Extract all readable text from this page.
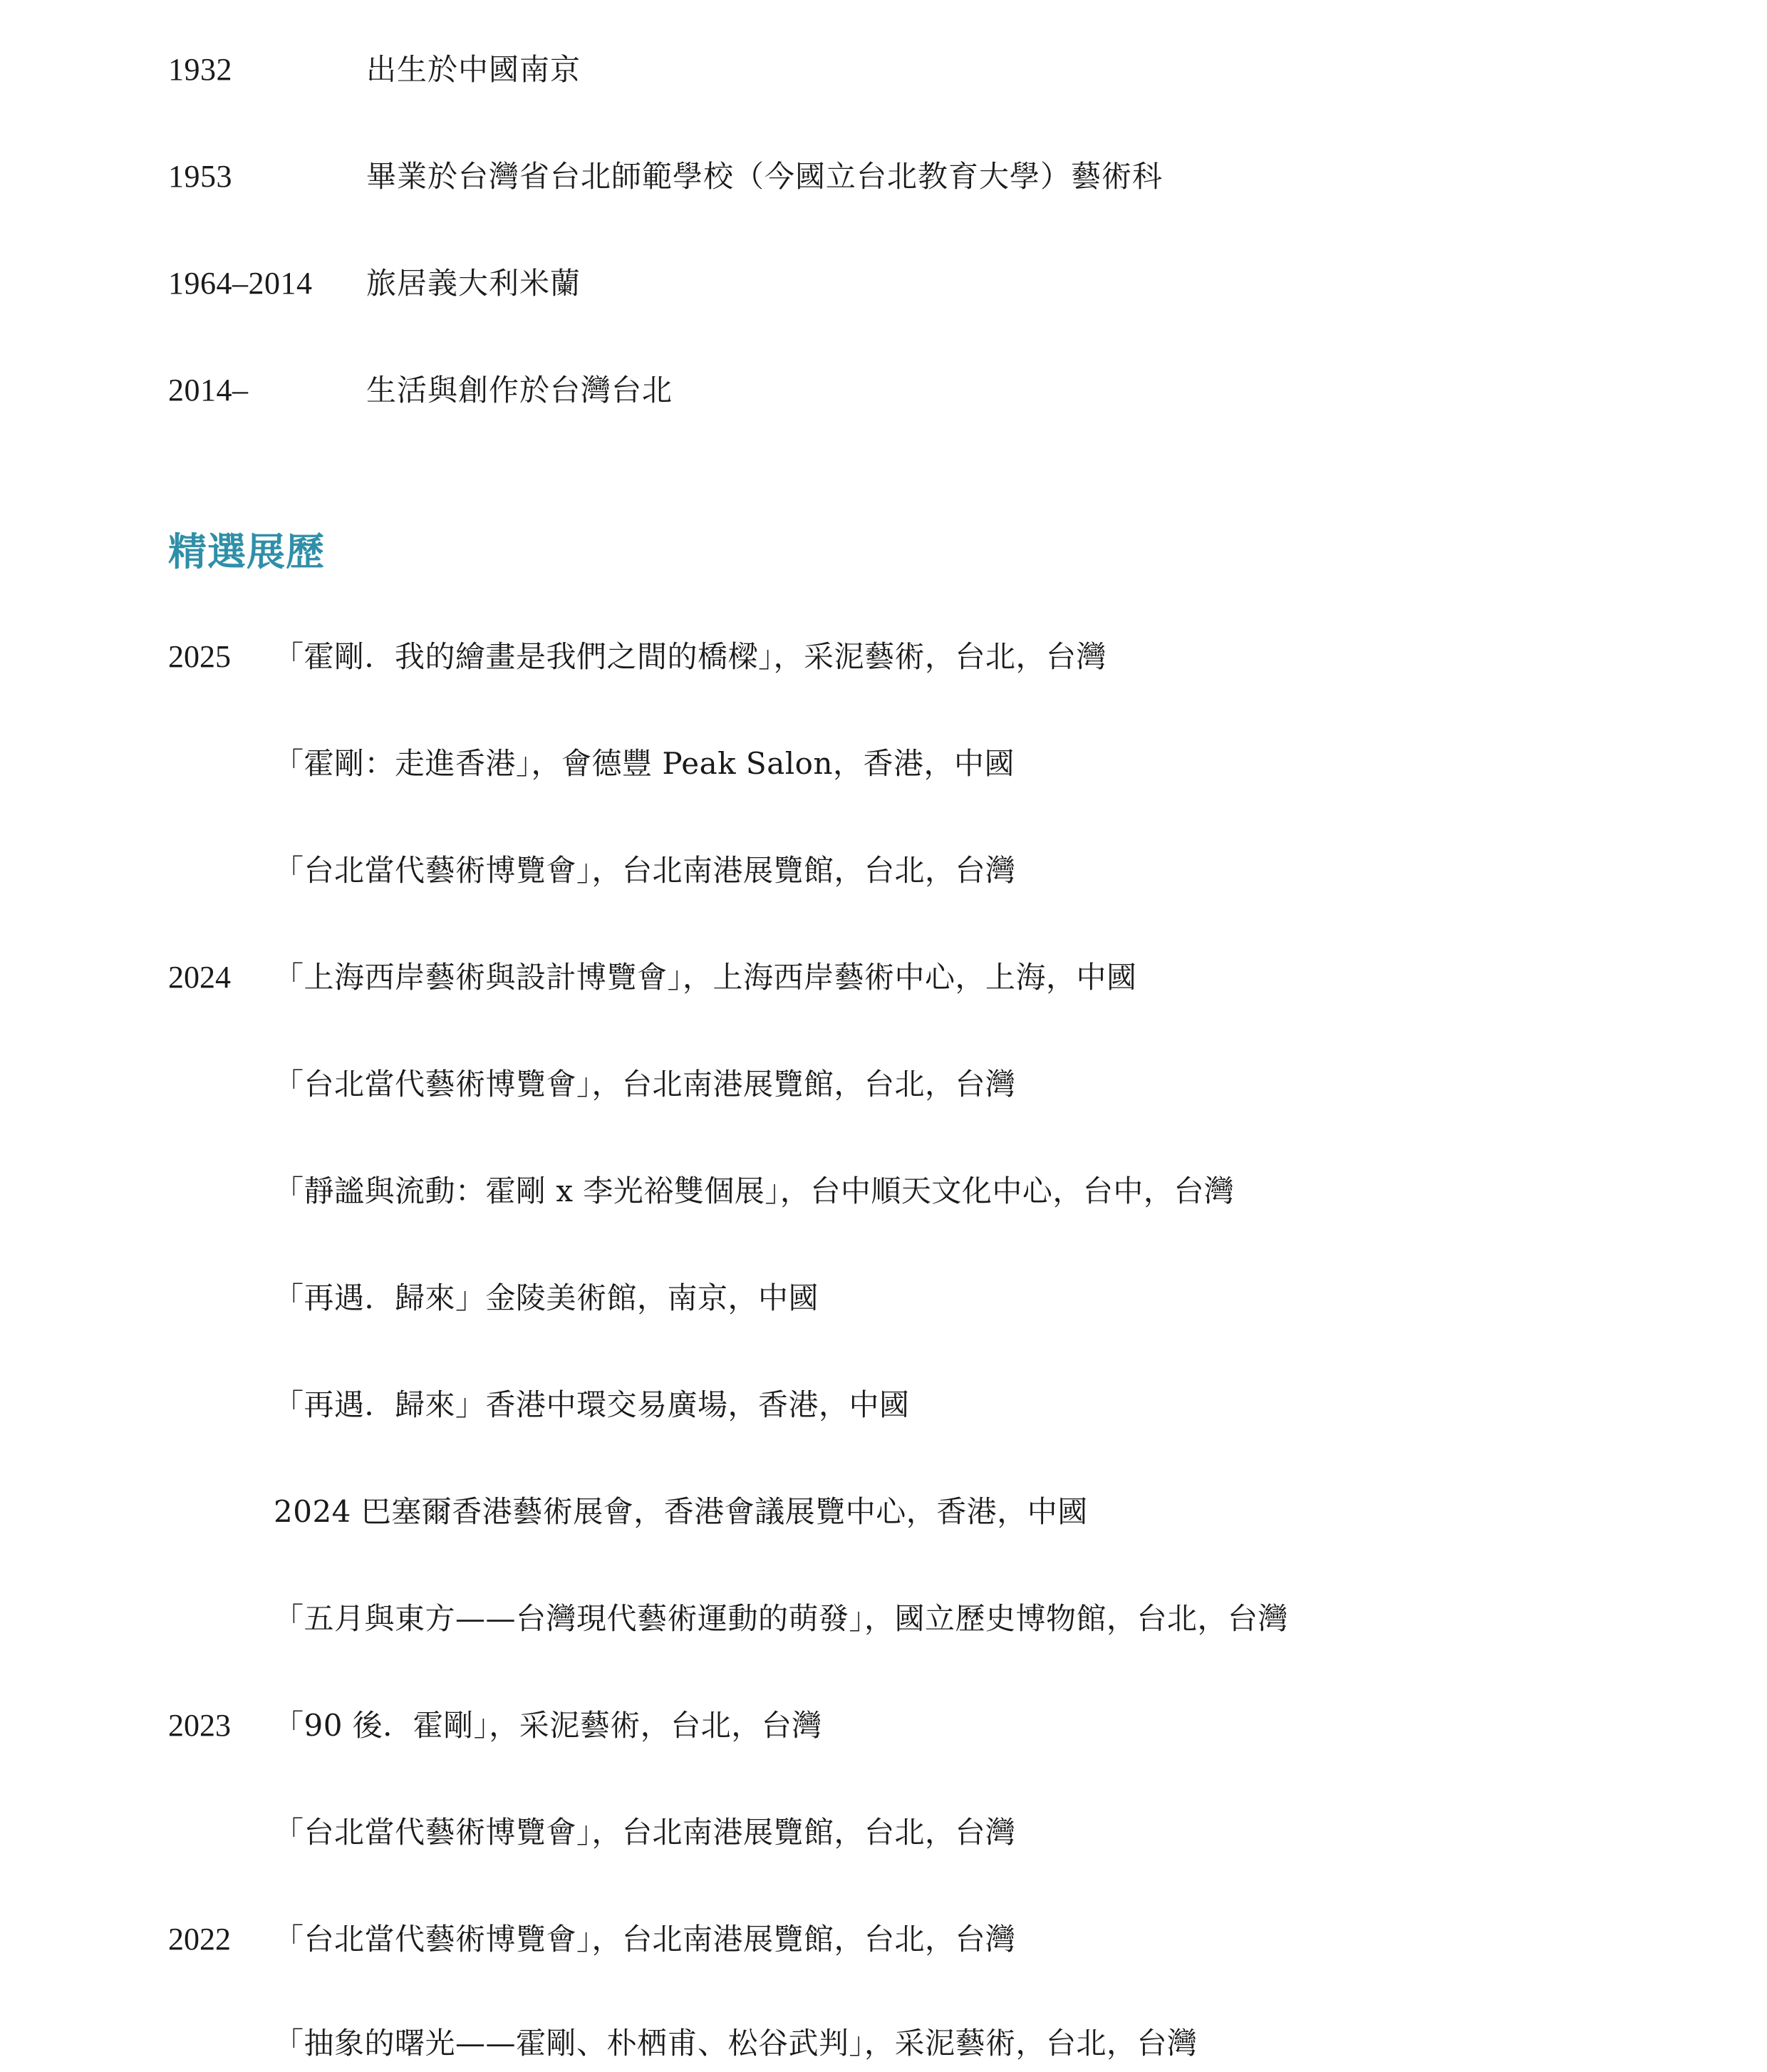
1932	出生於中國南京
1953	畢業於台灣省台北師範學校（今國立台北教育大學）藝術科
1964–2014	旅居義大利米蘭
2014–	生活與創作於台灣台北
精選展歷
2025	「霍剛．我的繪畫是我們之間的橋樑」，采泥藝術，台北，台灣
「霍剛：走進香港」，會德豐 Peak Salon，香港，中國
「台北當代藝術博覽會」，台北南港展覽館，台北，台灣
2024	「上海西岸藝術與設計博覽會」，上海西岸藝術中心，上海，中國
「台北當代藝術博覽會」，台北南港展覽館，台北，台灣
「靜謐與流動：霍剛 x 李光裕雙個展」，台中順天文化中心，台中，台灣
「再遇．歸來」金陵美術館，南京，中國
「再遇．歸來」香港中環交易廣場，香港，中國
2024 巴塞爾香港藝術展會，香港會議展覽中心，香港，中國
「五月與東方——台灣現代藝術運動的萌發」，國立歷史博物館，台北，台灣
2023	「90 後．霍剛」，采泥藝術，台北，台灣
「台北當代藝術博覽會」，台北南港展覽館，台北，台灣
2022	「台北當代藝術博覽會」，台北南港展覽館，台北，台灣
「抽象的曙光——霍剛、朴栖甫、松谷武判」，采泥藝術，台北，台灣
